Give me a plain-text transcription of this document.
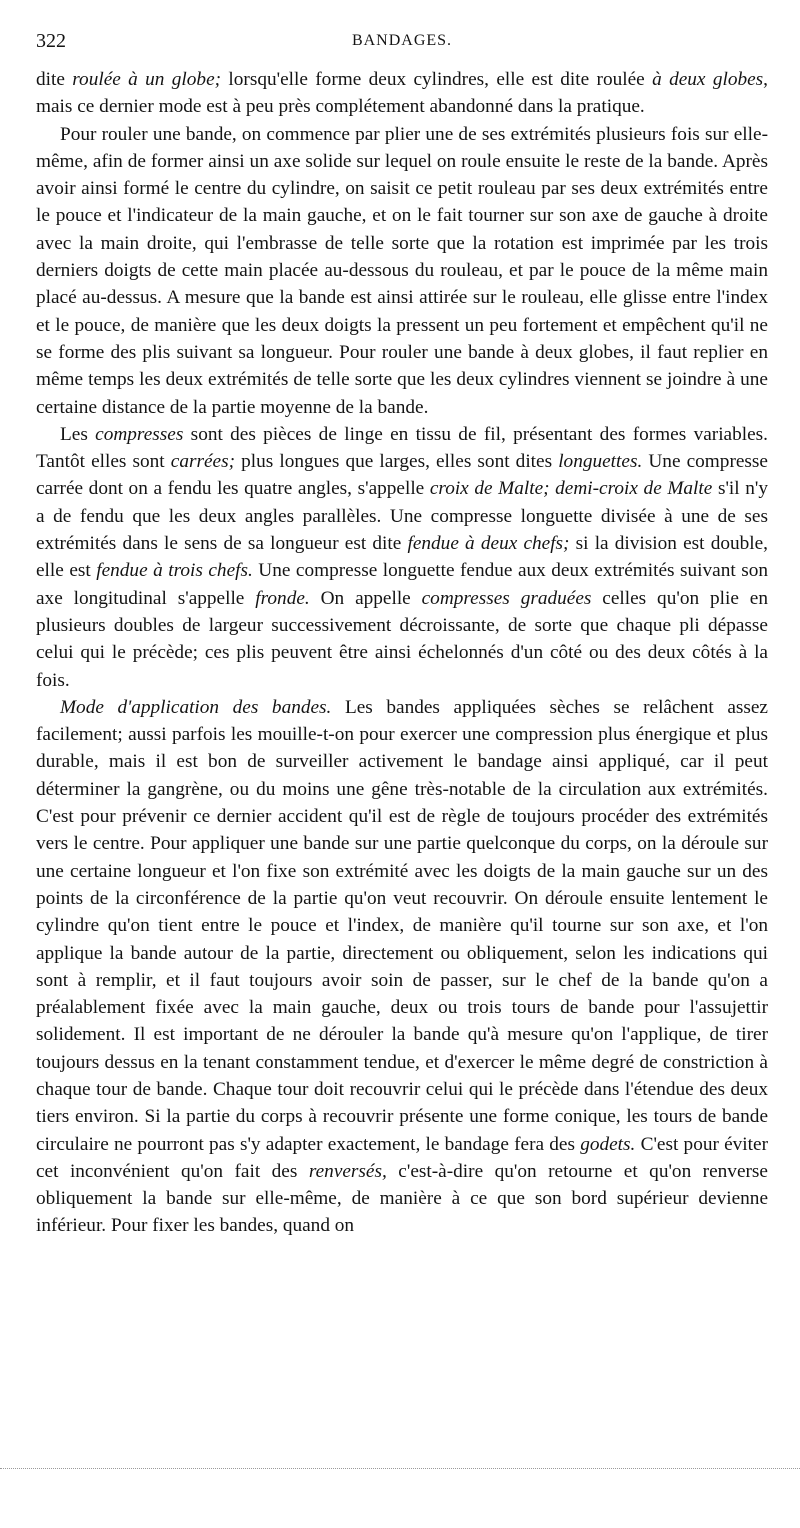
322	BANDAGES.

dite roulée à un globe; lorsqu'elle forme deux cylindres, elle est dite roulée à deux globes, mais ce dernier mode est à peu près complétement abandonné dans la pratique.

Pour rouler une bande, on commence par plier une de ses extrémités plusieurs fois sur elle-même, afin de former ainsi un axe solide sur lequel on roule ensuite le reste de la bande. Après avoir ainsi formé le centre du cylindre, on saisit ce petit rouleau par ses deux extrémités entre le pouce et l'indicateur de la main gauche, et on le fait tourner sur son axe de gauche à droite avec la main droite, qui l'embrasse de telle sorte que la rotation est imprimée par les trois derniers doigts de cette main placée au-dessous du rouleau, et par le pouce de la même main placé au-dessus. A mesure que la bande est ainsi attirée sur le rouleau, elle glisse entre l'index et le pouce, de manière que les deux doigts la pressent un peu fortement et empêchent qu'il ne se forme des plis suivant sa longueur. Pour rouler une bande à deux globes, il faut replier en même temps les deux extrémités de telle sorte que les deux cylindres viennent se joindre à une certaine distance de la partie moyenne de la bande.

Les compresses sont des pièces de linge en tissu de fil, présentant des formes variables. Tantôt elles sont carrées; plus longues que larges, elles sont dites longuettes. Une compresse carrée dont on a fendu les quatre angles, s'appelle croix de Malte; demi-croix de Malte s'il n'y a de fendu que les deux angles parallèles. Une compresse longuette divisée à une de ses extrémités dans le sens de sa longueur est dite fendue à deux chefs; si la division est double, elle est fendue à trois chefs. Une compresse longuette fendue aux deux extrémités suivant son axe longitudinal s'appelle fronde. On appelle compresses graduées celles qu'on plie en plusieurs doubles de largeur successivement décroissante, de sorte que chaque pli dépasse celui qui le précède; ces plis peuvent être ainsi échelonnés d'un côté ou des deux côtés à la fois.

Mode d'application des bandes. Les bandes appliquées sèches se relâchent assez facilement; aussi parfois les mouille-t-on pour exercer une compression plus énergique et plus durable, mais il est bon de surveiller activement le bandage ainsi appliqué, car il peut déterminer la gangrène, ou du moins une gêne très-notable de la circulation aux extrémités. C'est pour prévenir ce dernier accident qu'il est de règle de toujours procéder des extrémités vers le centre. Pour appliquer une bande sur une partie quelconque du corps, on la déroule sur une certaine longueur et l'on fixe son extrémité avec les doigts de la main gauche sur un des points de la circonférence de la partie qu'on veut recouvrir. On déroule ensuite lentement le cylindre qu'on tient entre le pouce et l'index, de manière qu'il tourne sur son axe, et l'on applique la bande autour de la partie, directement ou obliquement, selon les indications qui sont à remplir, et il faut toujours avoir soin de passer, sur le chef de la bande qu'on a préalablement fixée avec la main gauche, deux ou trois tours de bande pour l'assujettir solidement. Il est important de ne dérouler la bande qu'à mesure qu'on l'applique, de tirer toujours dessus en la tenant constamment tendue, et d'exercer le même degré de constriction à chaque tour de bande. Chaque tour doit recouvrir celui qui le précède dans l'étendue des deux tiers environ. Si la partie du corps à recouvrir présente une forme conique, les tours de bande circulaire ne pourront pas s'y adapter exactement, le bandage fera des godets. C'est pour éviter cet inconvénient qu'on fait des renversés, c'est-à-dire qu'on retourne et qu'on renverse obliquement la bande sur elle-même, de manière à ce que son bord supérieur devienne inférieur. Pour fixer les bandes, quand on
